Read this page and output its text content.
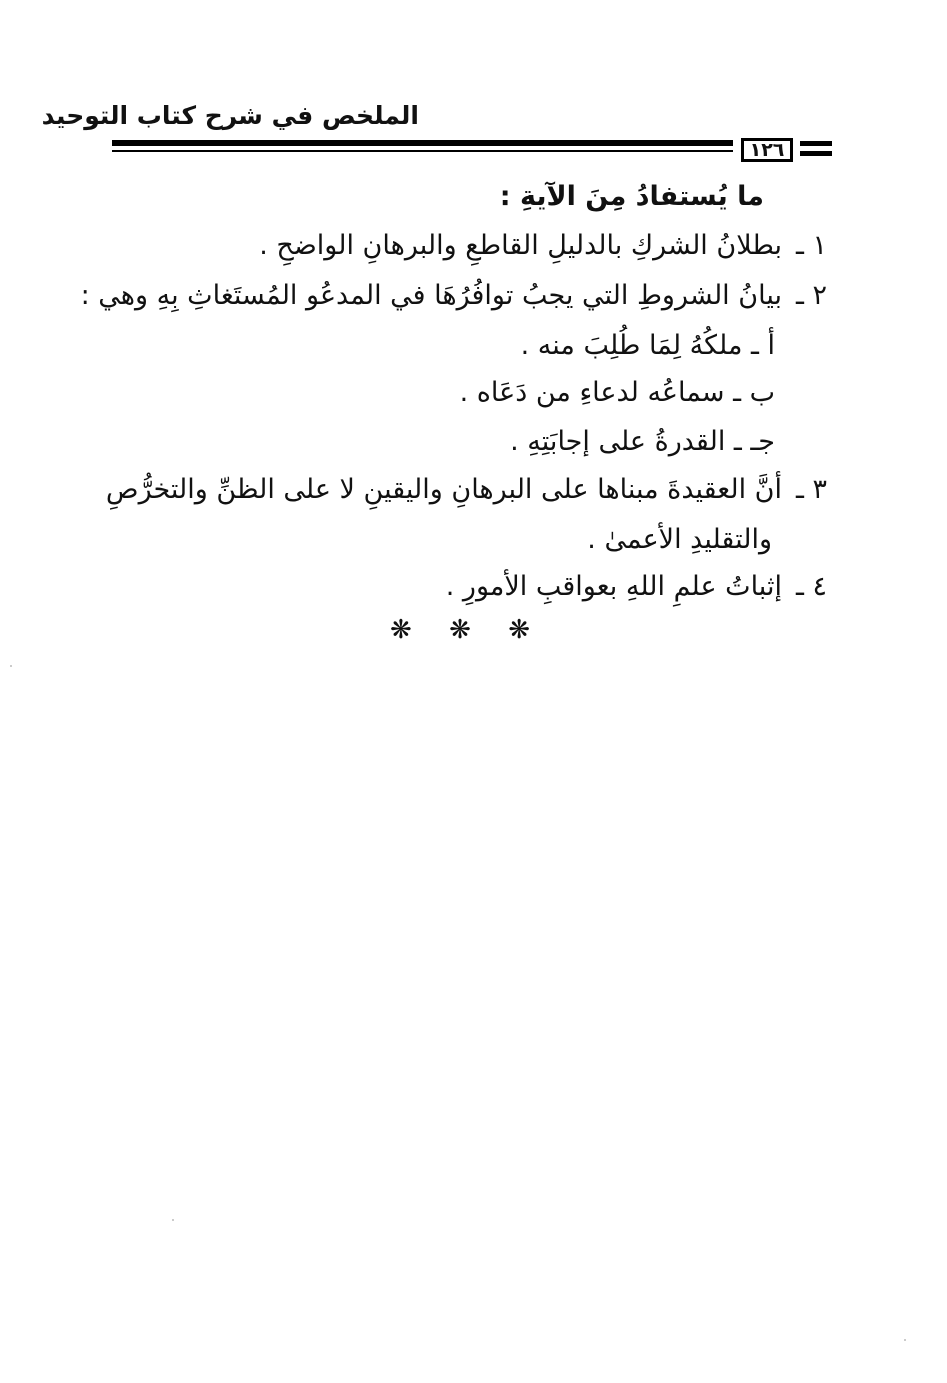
الملخص في شرح كتاب التوحيد
١٢٦
ما يُستفادُ مِنَ الآيةِ :
١ ـبطلانُ الشركِ بالدليلِ القاطعِ والبرهانِ الواضحِ .
٢ ـبيانُ الشروطِ التي يجبُ توافُرُهَا في المدعُو المُستَغاثِ بِهِ وهي :
أ ـ ملكُهُ لِمَا طُلِبَ منه .
ب ـ سماعُه لدعاءِ من دَعَاه .
جـ ـ القدرةُ على إجابَتِهِ .
٣ ـأنَّ العقيدةَ مبناها على البرهانِ واليقينِ لا على الظنِّ والتخرُّصِ
والتقليدِ الأعمىٰ .
٤ ـإثباتُ علمِ اللهِ بعواقبِ الأمورِ .
❋ ❋ ❋
